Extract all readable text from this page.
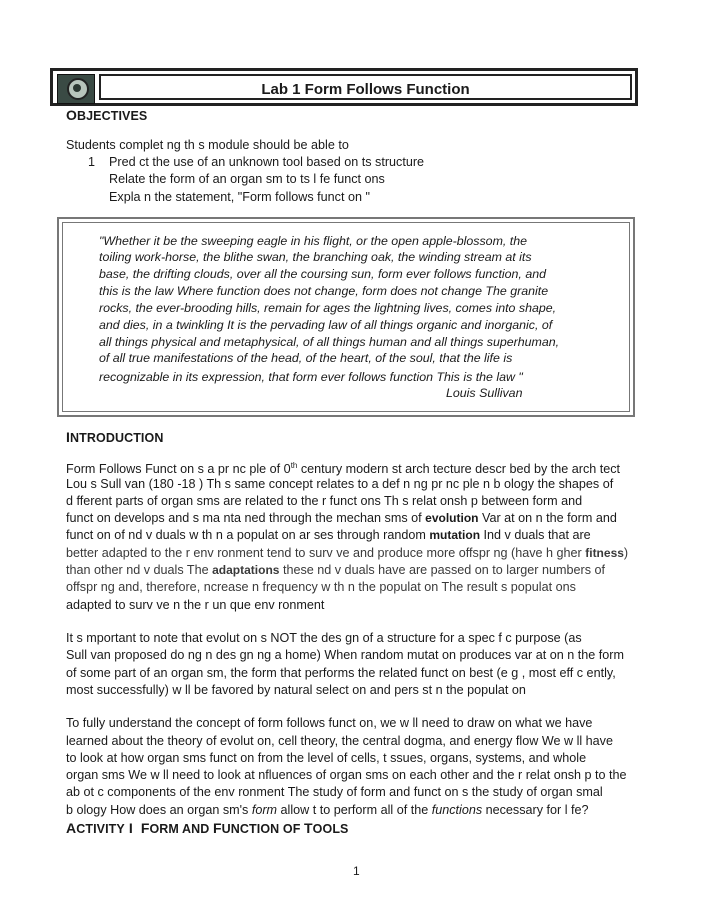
Lab 1 Form Follows Function
OBJECTIVES
Students complet ng th s module should be able to
1 Pred ct the use of an unknown tool based on ts structure
Relate the form of an organ sm to ts l fe funct ons
Expla n the statement, "Form follows funct on "
"Whether it be the sweeping eagle in his flight, or the open apple-blossom, the
toiling work-horse, the blithe swan, the branching oak, the winding stream at its
base, the drifting clouds, over all the coursing sun, form ever follows function, and
this is the law Where function does not change, form does not change The granite
rocks, the ever-brooding hills, remain for ages the lightning lives, comes into shape,
and dies, in a twinkling It is the pervading law of all things organic and inorganic, of
all things physical and metaphysical, of all things human and all things superhuman,
of all true manifestations of the head, of the heart, of the soul, that the life is
recognizable in its expression, that form ever follows function This is the law "
Louis Sullivan
INTRODUCTION
Form Follows Funct on s a pr nc ple of 0th century modern st arch tecture descr bed by the arch tect
Lou s Sull van (180 -18 ) Th s same concept relates to a def n ng pr nc ple n b ology the shapes of
d fferent parts of organ sms are related to the r funct ons Th s relat onsh p between form and
funct on develops and s ma nta ned through the mechan sms of evolution Var at on n the form and
funct on of nd v duals w th n a populat on ar ses through random mutation Ind v duals that are
better adapted to the r env ronment tend to surv ve and produce more offspr ng (have h gher fitness)
than other nd v duals The adaptations these nd v duals have are passed on to larger numbers of
offspr ng and, therefore, ncrease n frequency w th n the populat on The result s populat ons
adapted to surv ve n the r un que env ronment
It s mportant to note that evolut on s NOT the des gn of a structure for a spec f c purpose (as
Sull van proposed do ng n des gn ng a home) When random mutat on produces var at on n the form
of some part of an organ sm, the form that performs the related funct on best (e g , most eff c ently,
most successfully) w ll be favored by natural select on and pers st n the populat on
To fully understand the concept of form follows funct on, we w ll need to draw on what we have
learned about the theory of evolut on, cell theory, the central dogma, and energy flow We w ll have
to look at how organ sms funct on from the level of cells, t ssues, organs, systems, and whole
organ sms We w ll need to look at nfluences of organ sms on each other and the r relat onsh p to the
ab ot c components of the env ronment The study of form and funct on s the study of organ smal
b ology How does an organ sm's form allow t to perform all of the functions necessary for l fe?
ACTIVITY I  FORM AND FUNCTION OF TOOLS
1
